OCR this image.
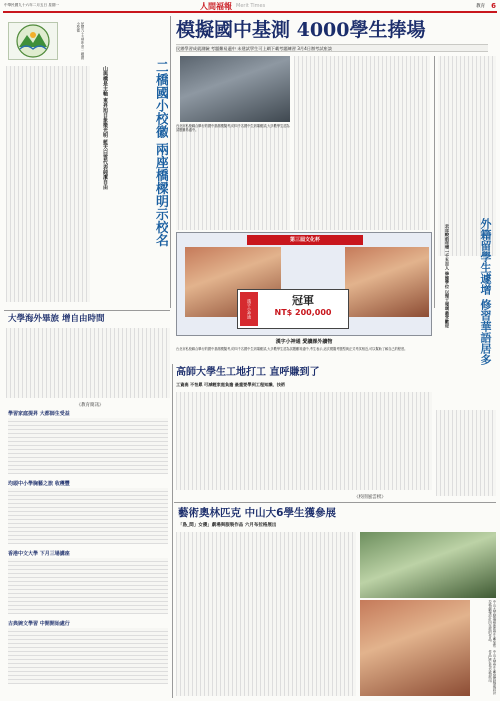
中華民國九十六年二月五日 星期一	人間福報 Merit Times	教育 6
民國九十五學年度 二橋國小校徽
二橋國小校徽 兩座橋樑明示校名
山與橋是主軸 東昇旭日象徵光明 藍天白雲代表純潔自由
模擬國中基測 4000學生捧場
民辦學習成就測驗 考題難易適中 未建試學生可上網下載考題練習 3月4日辦考試座談
外籍留學生遽增 修習華語居多
去年較前年增一千五百人 修課學位 以理工領域最受歡迎
第三屆文化杯
漢字小神通	冠軍
NT$ 200,000
漢字小神通 愛讀課外讀物
台北市私校聯合舉行的國中基測模擬考,約四千名國中生到場應試,大多數學生認為試題難易適中,考生表示,這次模擬考題型與正式考試相近,可以幫助了解自己的程度。
大學海外畢旅 增自由時間
《教育簡訊》
學習家庭提昇 大都師生受益
均頭中小學胸藝之旅 收穫豐
香港中文大學 下月三場講座
古典婉文學習 中開開始處行
高師大學生工地打工 直呼賺到了
工資高 不怕累 可減輕家庭負擔 最重要學到工程知識、技術
《校園風雲榜》
藝術奧林匹克 中山大6學生獲參展
「島_間」女優」劇場與服裝作品 六月布拉格展出
中山大學劇場藝術系學生參加布拉格劇場設計四年展的作品。
中山大學學生參展的服裝設計作品,將在布拉格展出。
